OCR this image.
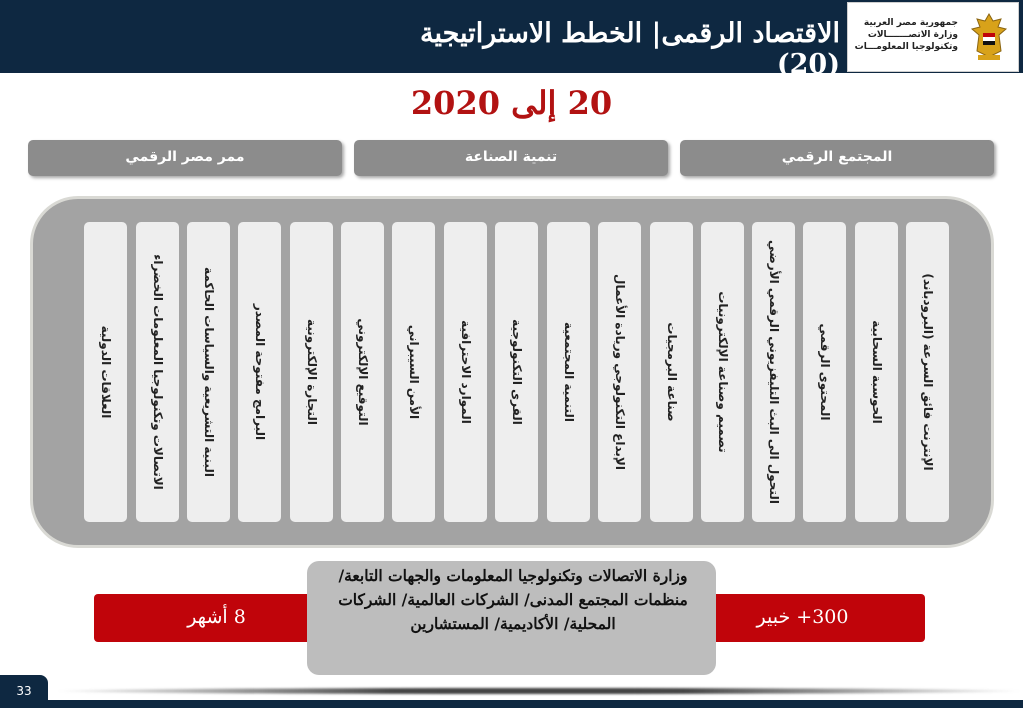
الاقتصاد الرقمى| الخطط الاستراتيجية (20)
جمهورية مصر العربية
وزارة الاتصـــــــالات
وتكنولوجيا المعلومـــات
20 إلى 2020
المجتمع الرقمي
تنمية الصناعة
ممر مصر الرقمي
الإنترنت فائق السرعة (البرودباند)
الحوسبة السحابية
المحتوى الرقمي
التحول الى البث التليفزيوني الرقمي الأرضي
تصميم وصناعة الإلكترونيات
صناعة البرمجيات
الإبداع التكنولوجي وريادة الأعمال
التنمية المجتمعية
القرى التكنولوجية
الموارد الاحترافية
الأمن السيبراني
التوقيع الإلكتروني
التجارة الإلكترونية
البرامج مفتوحة المصدر
البنية التشريعية والسياسات الحاكمة
الاتصالات وتكنولوجيا المعلومات الخضراء
العلاقات الدولية
300+ خبير
8 أشهر
وزارة الاتصالات وتكنولوجيا المعلومات والجهات التابعة/ منظمات المجتمع المدنى/ الشركات العالمية/ الشركات المحلية/ الأكاديمية/ المستشارين
33
